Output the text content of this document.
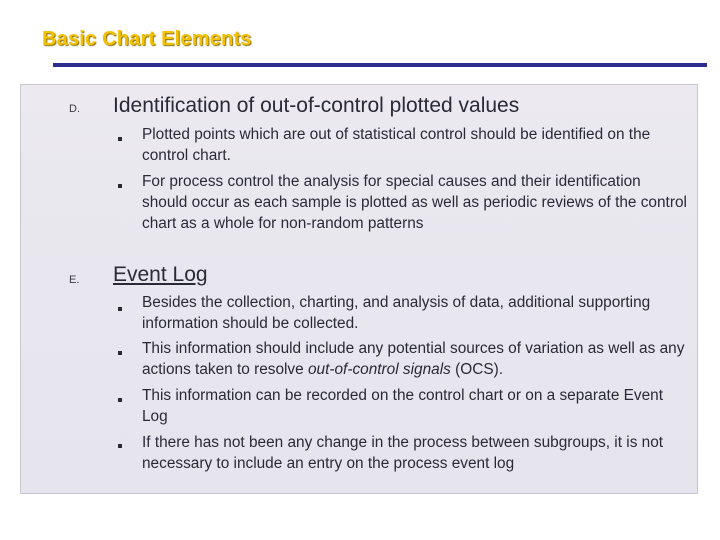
Basic Chart Elements
D. Identification of out-of-control plotted values
Plotted points which are out of statistical control should be identified on the control chart.
For process control the analysis for special causes and their identification should occur as each sample is plotted as well as periodic reviews of the control chart as a whole for non-random patterns
E. Event Log
Besides the collection, charting, and analysis of data, additional supporting information should be collected.
This information should include any potential sources of variation as well as any actions taken to resolve out-of-control signals (OCS).
This information can be recorded on the control chart or on a separate Event Log
If there has not been any change in the process between subgroups, it is not necessary to include an entry on the process event log
